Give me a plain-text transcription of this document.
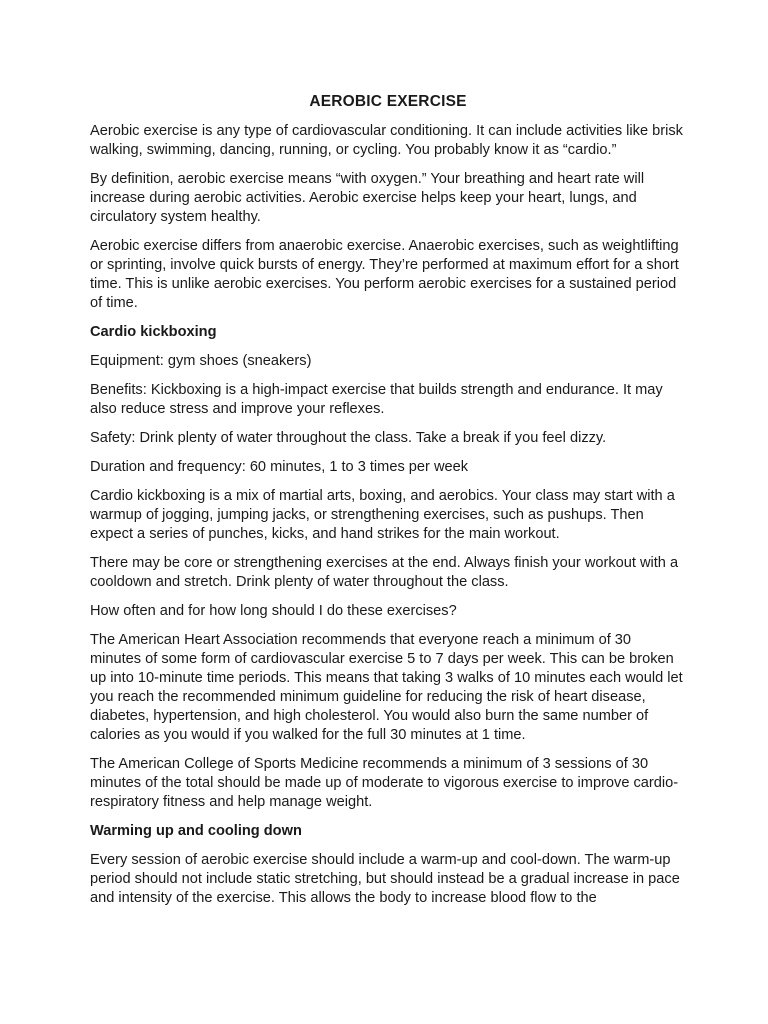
AEROBIC EXERCISE

Aerobic exercise is any type of cardiovascular conditioning. It can include activities like brisk walking, swimming, dancing, running, or cycling. You probably know it as “cardio.”

By definition, aerobic exercise means “with oxygen.” Your breathing and heart rate will increase during aerobic activities. Aerobic exercise helps keep your heart, lungs, and circulatory system healthy.

Aerobic exercise differs from anaerobic exercise. Anaerobic exercises, such as weightlifting or sprinting, involve quick bursts of energy. They’re performed at maximum effort for a short time. This is unlike aerobic exercises. You perform aerobic exercises for a sustained period of time.

Cardio kickboxing

Equipment: gym shoes (sneakers)

Benefits: Kickboxing is a high-impact exercise that builds strength and endurance. It may also reduce stress and improve your reflexes.

Safety: Drink plenty of water throughout the class. Take a break if you feel dizzy.

Duration and frequency: 60 minutes, 1 to 3 times per week

Cardio kickboxing is a mix of martial arts, boxing, and aerobics. Your class may start with a warmup of jogging, jumping jacks, or strengthening exercises, such as pushups. Then expect a series of punches, kicks, and hand strikes for the main workout.

There may be core or strengthening exercises at the end. Always finish your workout with a cooldown and stretch. Drink plenty of water throughout the class.

How often and for how long should I do these exercises?

The American Heart Association recommends that everyone reach a minimum of 30 minutes of some form of cardiovascular exercise 5 to 7 days per week. This can be broken up into 10-minute time periods. This means that taking 3 walks of 10 minutes each would let you reach the recommended minimum guideline for reducing the risk of heart disease, diabetes, hypertension, and high cholesterol. You would also burn the same number of calories as you would if you walked for the full 30 minutes at 1 time.

The American College of Sports Medicine recommends a minimum of 3 sessions of 30 minutes of the total should be made up of moderate to vigorous exercise to improve cardio-respiratory fitness and help manage weight.

Warming up and cooling down

Every session of aerobic exercise should include a warm-up and cool-down. The warm-up period should not include static stretching, but should instead be a gradual increase in pace and intensity of the exercise. This allows the body to increase blood flow to the
